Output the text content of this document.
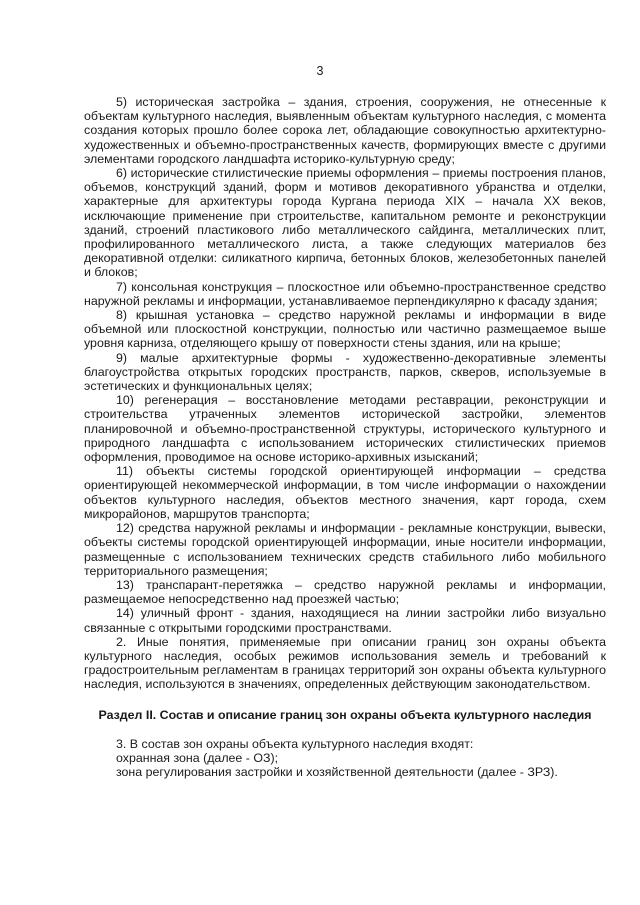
3

5) историческая застройка – здания, строения, сооружения, не отнесенные к объектам культурного наследия, выявленным объектам культурного наследия, с момента создания которых прошло более сорока лет, обладающие совокупностью архитектурно-художественных и объемно-пространственных качеств, формирующих вместе с другими элементами городского ландшафта историко-культурную среду;

6) исторические стилистические приемы оформления – приемы построения планов, объемов, конструкций зданий, форм и мотивов декоративного убранства и отделки, характерные для архитектуры города Кургана периода XIX – начала XX веков, исключающие применение при строительстве, капитальном ремонте и реконструкции зданий, строений пластикового либо металлического сайдинга, металлических плит, профилированного металлического листа, а также следующих материалов без декоративной отделки: силикатного кирпича, бетонных блоков, железобетонных панелей и блоков;

7) консольная конструкция – плоскостное или объемно-пространственное средство наружной рекламы и информации, устанавливаемое перпендикулярно к фасаду здания;

8) крышная установка – средство наружной рекламы и информации в виде объемной или плоскостной конструкции, полностью или частично размещаемое выше уровня карниза, отделяющего крышу от поверхности стены здания, или на крыше;

9) малые архитектурные формы - художественно-декоративные элементы благоустройства открытых городских пространств, парков, скверов, используемые в эстетических и функциональных целях;

10) регенерация – восстановление методами реставрации, реконструкции и строительства утраченных элементов исторической застройки, элементов планировочной и объемно-пространственной структуры, исторического культурного и природного ландшафта с использованием исторических стилистических приемов оформления, проводимое на основе историко-архивных изысканий;

11) объекты системы городской ориентирующей информации – средства ориентирующей некоммерческой информации, в том числе информации о нахождении объектов культурного наследия, объектов местного значения, карт города, схем микрорайонов, маршрутов транспорта;

12) средства наружной рекламы и информации - рекламные конструкции, вывески, объекты системы городской ориентирующей информации, иные носители информации, размещенные с использованием технических средств стабильного либо мобильного территориального размещения;

13) транспарант-перетяжка – средство наружной рекламы и информации, размещаемое непосредственно над проезжей частью;

14) уличный фронт - здания, находящиеся на линии застройки либо визуально связанные с открытыми городскими пространствами.

2. Иные понятия, применяемые при описании границ зон охраны объекта культурного наследия, особых режимов использования земель и требований к градостроительным регламентам в границах территорий зон охраны объекта культурного наследия, используются в значениях, определенных действующим законодательством.

Раздел II. Состав и описание границ зон охраны объекта культурного наследия

3. В состав зон охраны объекта культурного наследия входят:

охранная зона (далее - ОЗ);

зона регулирования застройки и хозяйственной деятельности (далее - ЗРЗ).
